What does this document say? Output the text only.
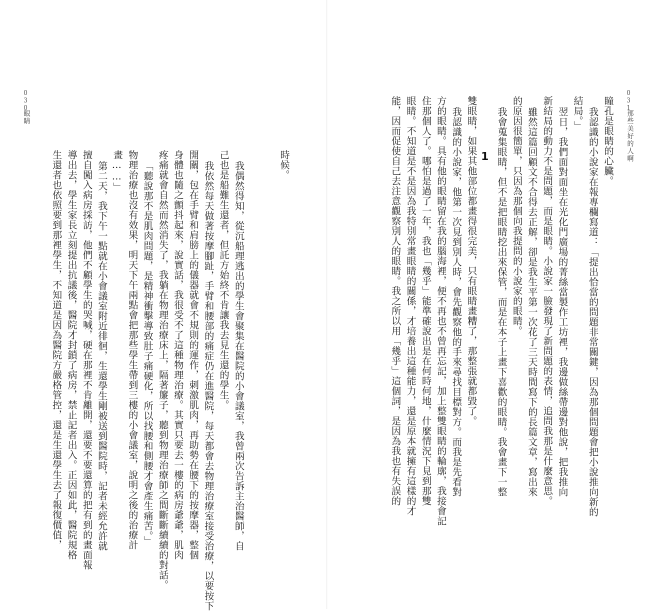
030
眼睛

時候。

我偶然得知，從沉船理逃出的學生會聚集在醫院的小會議室，我曾兩次告訴主治醫師，自

己也是船難生還者，但託方始終不肯讓我去見生還的學生。

我依然每天做著按摩腳趾，手臂和腰部的痛症仍在進醫院，每天都會去物理治療室接受治療，以要按下

開關，包在手臂和肩膀上的儀器就會不規則的運作，刺激肌肉，再助勢在腰下的按摩器，整個

身體也隨之顫抖起來，說實話，我很受不了這種物理治療。其實只要去一樓的病房爺爺，肌肉

疼痛就會自然而然消失了，我躺在物理治療床上，隔著簾子，聽到物理治療師之間斷斷續續的對話。

「聽說那不是肌肉問題，是精神衝擊導致肚子痛硬化，所以找腰和側腰才會產生痛苦。」

物理治療也沒有效果，明天下午兩點會把那些學生帶到三樓的小會議室，說明之後的治療計

畫……」

第二天，我下午一點就在小會議室附近徘徊，生還學生剛被送到醫院時，記者未經允許就

擅自闖入病房採訪，他們不顧學生的哭喊，硬在那裡不肯離開，還要不要還算的把有到的畫面報

導出去，學生家長立刻提出抗議後，醫院才封鎖了病房，禁止記者出入。正因如此，醫院規格

生還者也依照要到那裡學生，不知道是因為醫院方嚴格管控，還是生還學生去了報復價值，

031
那些美好的人啊

瞳孔是眼睛的心臟。

我認識的小說家在報專欄寫道：「提出恰當的問題非常關鍵，因為那個問題會把小說推向新的

結局。」

翌日，我們面對面坐在光化門廣場的菁絲當製作工坊裡，我邊做絲帶邊對他說，把我推向

新結局的動力不是問題，而是眼睛。小說家一臉發現了新問題的表情，追問我那是什麼意思。

雖然這篇回顧文不合得去正解，卻是我生平第一次花了三天時間寫下的長篇文章，寫出來

的原因很簡單，只因為那個向我提問的小說家的眼睛。

我會蒐集眼睛，但不是把眼睛挖出來保管，而是在本子上畫下喜歡的眼睛。我會畫下一整

雙眼睛，如果其他部位都畫得很完美，只有眼睛畫糟了，那整張就都毀了。

我認識的小說家，他第一次見到別人時，會先觀察他的手來尋找目標對方。而我是先看對

方的眼睛。具有他的眼睛留在我的腦海裡，便不再也不曾再忘記，加上整雙眼睛的輪廓，我接會記

住那個人了。哪怕是過了一年，我也「幾乎」能準確說出是在何時何地，什麼情況下見到那雙

眼睛。不知道是不是因為我特別常畫眼睛的關係，才培養出這種能力，還是原本就擁有這樣的才

能，因而促使自己去注意觀察別人的眼睛。我之所以用「幾乎」這個詞，是因為我也有失誤的	1
